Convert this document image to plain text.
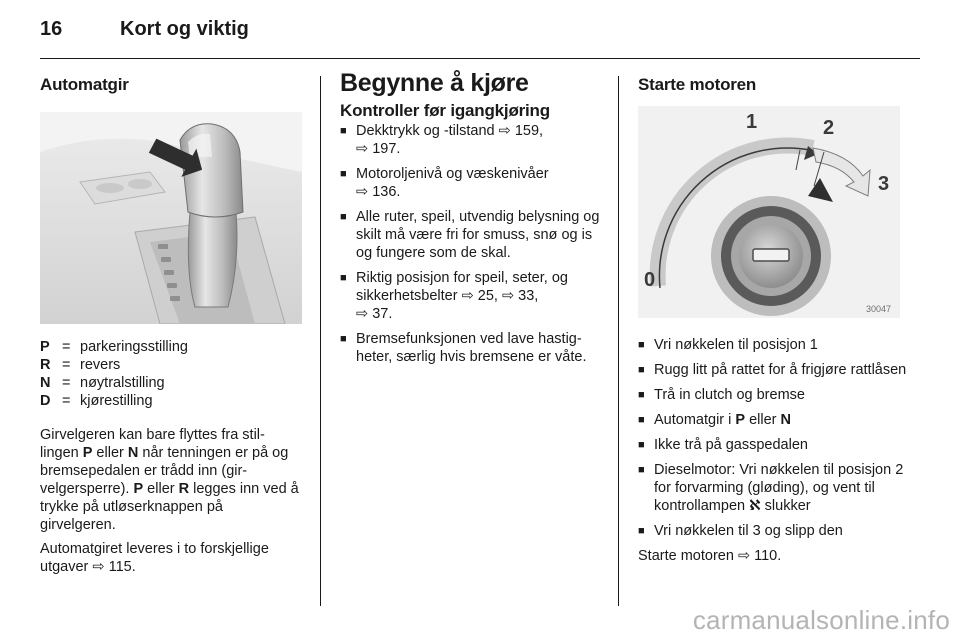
16	Kort og viktig
Automatgir
P = parkeringsstilling
R = revers
N = nøytralstilling
D = kjørestilling
Girvelgeren kan bare flyttes fra stil-lingen P eller N når tenningen er på og bremsepedalen er trådd inn (gir-velgersperre). P eller R legges inn ved å trykke på utløserknappen på girvelgeren.
Automatgiret leveres i to forskjellige utgaver ⇨ 115.
Begynne å kjøre
Kontroller før igangkjøring
■ Dekktrykk og -tilstand ⇨ 159,
⇨ 197.
■ Motoroljenivå og væskenivåer
⇨ 136.
■ Alle ruter, speil, utvendig belysning og skilt må være fri for smuss, snø og is og fungere som de skal.
■ Riktig posisjon for speil, seter, og sikkerhetsbelter ⇨ 25, ⇨ 33,
⇨ 37.
■ Bremsefunksjonen ved lave hastig-heter, særlig hvis bremsene er våte.
Starte motoren
1	2
3
0
30047
■ Vri nøkkelen til posisjon 1
■ Rugg litt på rattet for å frigjøre rattlåsen
■ Trå in clutch og bremse
■ Automatgir i P eller N
■ Ikke trå på gasspedalen
■ Dieselmotor: Vri nøkkelen til posisjon 2 for forvarming (gløding), og vent til kontrollampen ℵ slukker
■ Vri nøkkelen til 3 og slipp den
Starte motoren ⇨ 110.
carmanualsonline.info
